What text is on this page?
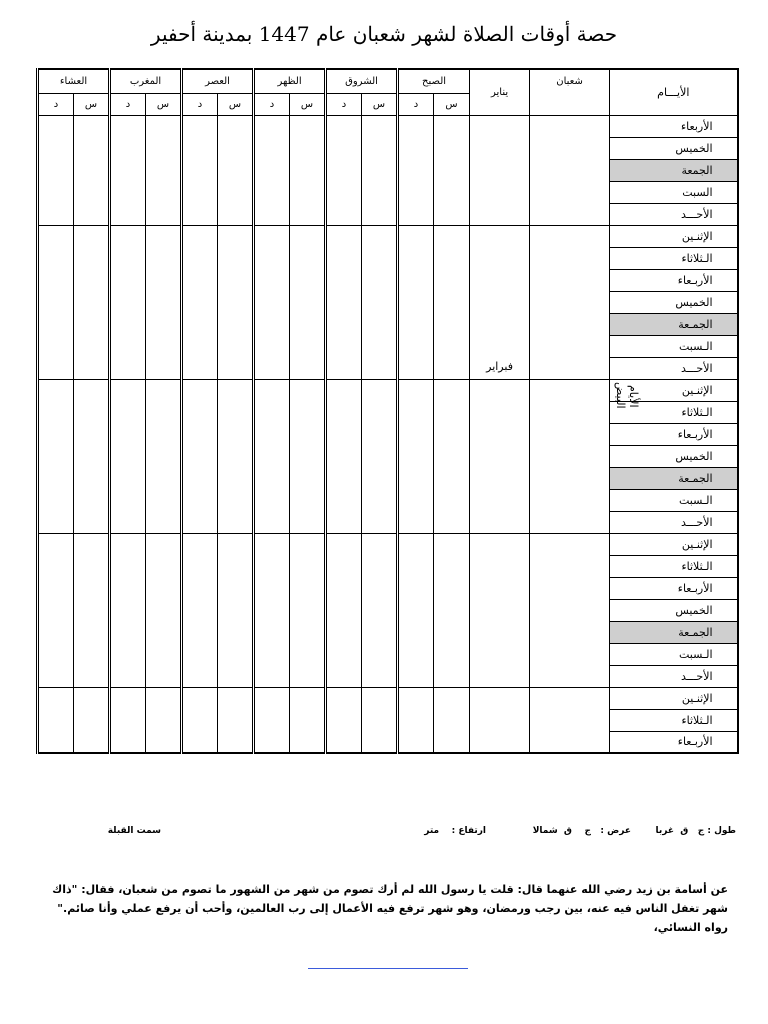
حصة أوقات الصلاة لشهر شعبان عام 1447 بمدينة أحفير
العشاء		المغرب		العصر		الظهر		الشروق		الصبح		يناير	شعبان	الأيـــام
د	س	د	س	د	س	د	س	د	س	د	س			
														الأربعاء
														الخميس
														الجمعة
														السبت
														الأحـــد
												فبراير		الإثنـين
														الـثلاثاء
														الأربـعاء
														الخميس
														الجمـعة
														الـسبت
														الأحـــد
														الإثنـين
الأيام البيض

														الـثلاثاء
														الأربـعاء
														الخميس
														الجمـعة
														الـسبت
														الأحـــد
														الإثنـين
														الـثلاثاء
														الأربـعاء
														الخميس
														الجمـعة
														الـسبت
														الأحـــد
														الإثنـين
														الـثلاثاء
														الأربـعاء
طول : ج   ق  غربا
عرض :   ج    ق  شمالا
ارتفاع :    متر
سمت القبلة
عن أسامة بن زيد رضي الله عنهما قال: قلت يا رسول الله لم أرك تصوم من شهر من الشهور ما تصوم من شعبان، فقال: "ذاك شهر تغفل الناس فيه عنه، بين رجب ورمضان، وهو شهر ترفع فيه الأعمال إلى رب العالمين، وأحب أن يرفع عملي وأنا صائم." رواه النسائي،
